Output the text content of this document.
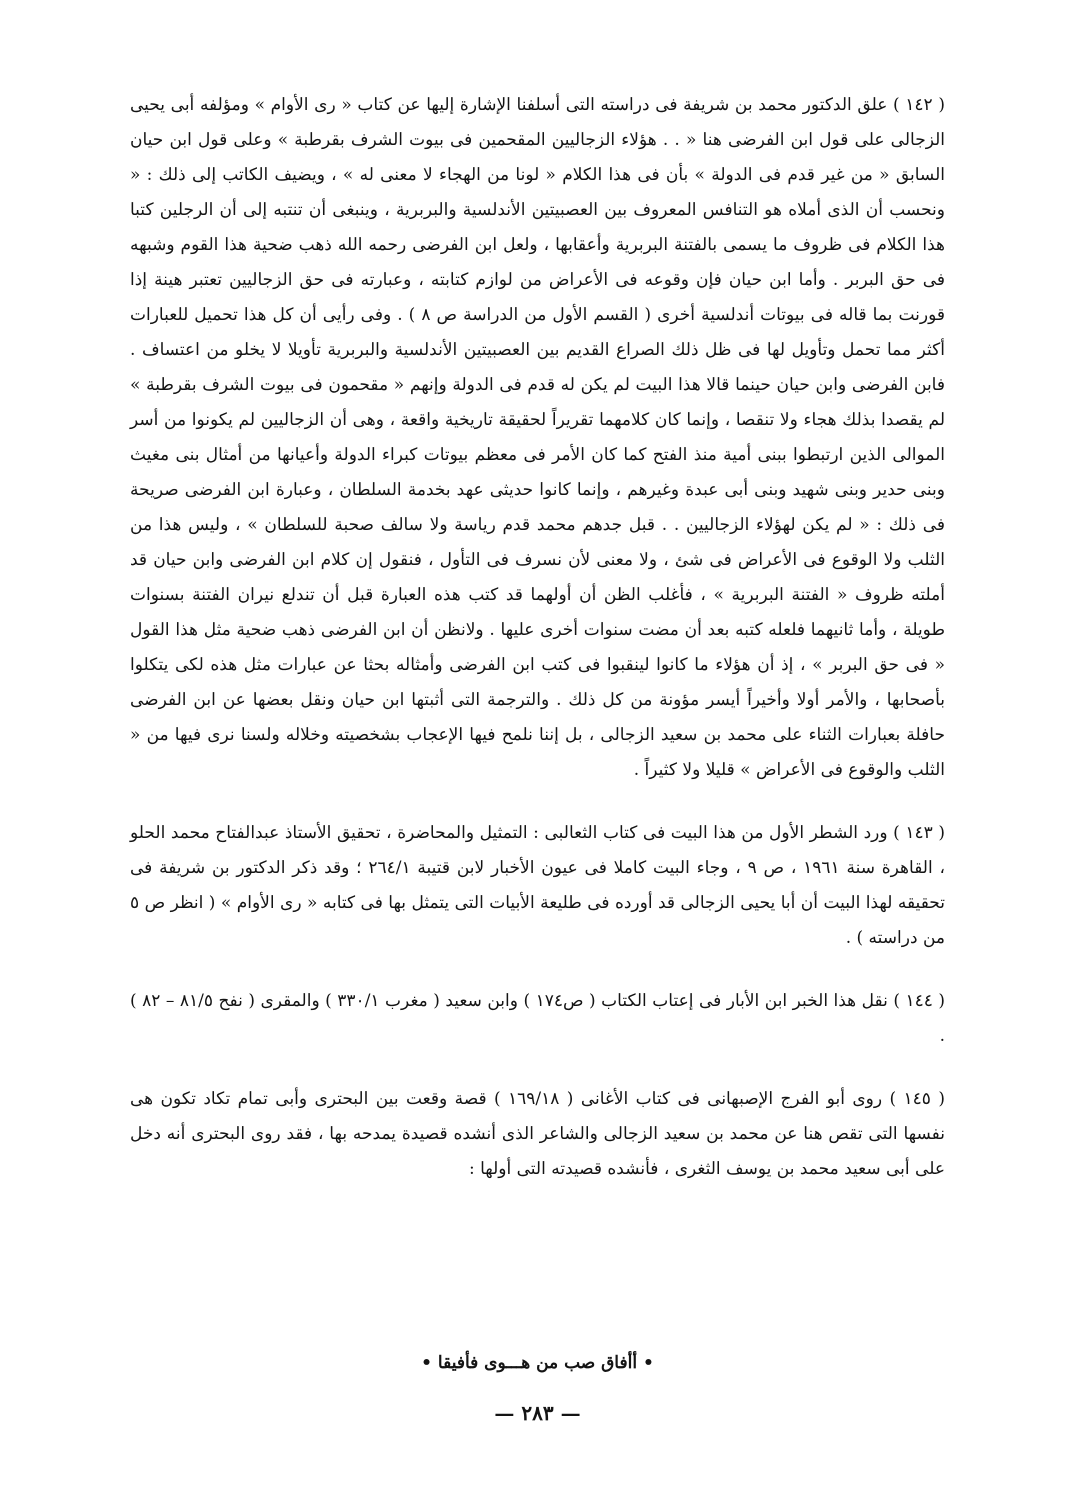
( ١٤٢ ) علق الدكتور محمد بن شريفة فى دراسته التى أسلفنا الإشارة إليها عن كتاب « رى الأوام » ومؤلفه أبى يحيى الزجالى على قول ابن الفرضى هنا « . . هؤلاء الزجاليين المقحمين فى بيوت الشرف بقرطبة » وعلى قول ابن حيان السابق « من غير قدم فى الدولة » بأن فى هذا الكلام « لونا من الهجاء لا معنى له » ، ويضيف الكاتب إلى ذلك : « ونحسب أن الذى أملاه هو التنافس المعروف بين العصبيتين الأندلسية والبربرية ، وينبغى أن تنتبه إلى أن الرجلين كتبا هذا الكلام فى ظروف ما يسمى بالفتنة البربرية وأعقابها ، ولعل ابن الفرضى رحمه الله ذهب ضحية هذا القوم وشبهه فى حق البربر . وأما ابن حيان فإن وقوعه فى الأعراض من لوازم كتابته ، وعبارته فى حق الزجاليين تعتبر هينة إذا قورنت بما قاله فى بيوتات أندلسية أخرى ( القسم الأول من الدراسة ص ٨ ) . وفى رأيى أن كل هذا تحميل للعبارات أكثر مما تحمل وتأويل لها فى ظل ذلك الصراع القديم بين العصبيتين الأندلسية والبربرية تأويلا لا يخلو من اعتساف . فابن الفرضى وابن حيان حينما قالا هذا البيت لم يكن له قدم فى الدولة وإنهم « مقحمون فى بيوت الشرف بقرطبة » لم يقصدا بذلك هجاء ولا تنقصا ، وإنما كان كلامهما تقريراً لحقيقة تاريخية واقعة ، وهى أن الزجاليين لم يكونوا من أسر الموالى الذين ارتبطوا ببنى أمية منذ الفتح كما كان الأمر فى معظم بيوتات كبراء الدولة وأعيانها من أمثال بنى مغيث وبنى حدير وبنى شهيد وبنى أبى عبدة وغيرهم ، وإنما كانوا حديثى عهد بخدمة السلطان ، وعبارة ابن الفرضى صريحة فى ذلك : « لم يكن لهؤلاء الزجاليين . . قبل جدهم محمد قدم رياسة ولا سالف صحبة للسلطان » ، وليس هذا من الثلب ولا الوقوع فى الأعراض فى شئ ، ولا معنى لأن نسرف فى التأول ، فنقول إن كلام ابن الفرضى وابن حيان قد أملته ظروف « الفتنة البربرية » ، فأغلب الظن أن أولهما قد كتب هذه العبارة قبل أن تندلع نيران الفتنة بسنوات طويلة ، وأما ثانيهما فلعله كتبه بعد أن مضت سنوات أخرى عليها . ولانظن أن ابن الفرضى ذهب ضحية مثل هذا القول « فى حق البربر » ، إذ أن هؤلاء ما كانوا لينقبوا فى كتب ابن الفرضى وأمثاله بحثا عن عبارات مثل هذه لكى يتكلوا بأصحابها ، والأمر أولا وأخيراً أيسر مؤونة من كل ذلك . والترجمة التى أثبتها ابن حيان ونقل بعضها عن ابن الفرضى حافلة بعبارات الثناء على محمد بن سعيد الزجالى ، بل إننا نلمح فيها الإعجاب بشخصيته وخلاله ولسنا نرى فيها من « الثلب والوقوع فى الأعراض » قليلا ولا كثيراً .

( ١٤٣ ) ورد الشطر الأول من هذا البيت فى كتاب الثعالبى : التمثيل والمحاضرة ، تحقيق الأستاذ عبدالفتاح محمد الحلو ، القاهرة سنة ١٩٦١ ، ص ٩ ، وجاء البيت كاملا فى عيون الأخبار لابن قتيبة ٢٦٤/١ ؛ وقد ذكر الدكتور بن شريفة فى تحقيقه لهذا البيت أن أبا يحيى الزجالى قد أورده فى طليعة الأبيات التى يتمثل بها فى كتابه « رى الأوام » ( انظر ص ٥ من دراسته ) .

( ١٤٤ ) نقل هذا الخبر ابن الأبار فى إعتاب الكتاب ( ص١٧٤ ) وابن سعيد ( مغرب ٣٣٠/١ ) والمقرى ( نفح ٨١/٥ – ٨٢ ) .

( ١٤٥ ) روى أبو الفرج الإصبهانى فى كتاب الأغانى ( ١٦٩/١٨ ) قصة وقعت بين البحترى وأبى تمام تكاد تكون هى نفسها التى تقص هنا عن محمد بن سعيد الزجالى والشاعر الذى أنشده قصيدة يمدحه بها ، فقد روى البحترى أنه دخل على أبى سعيد محمد بن يوسف الثغرى ، فأنشده قصيدته التى أولها :

• أأفاق صب من هـــوى فأفيقا •
— ٢٨٣ —
